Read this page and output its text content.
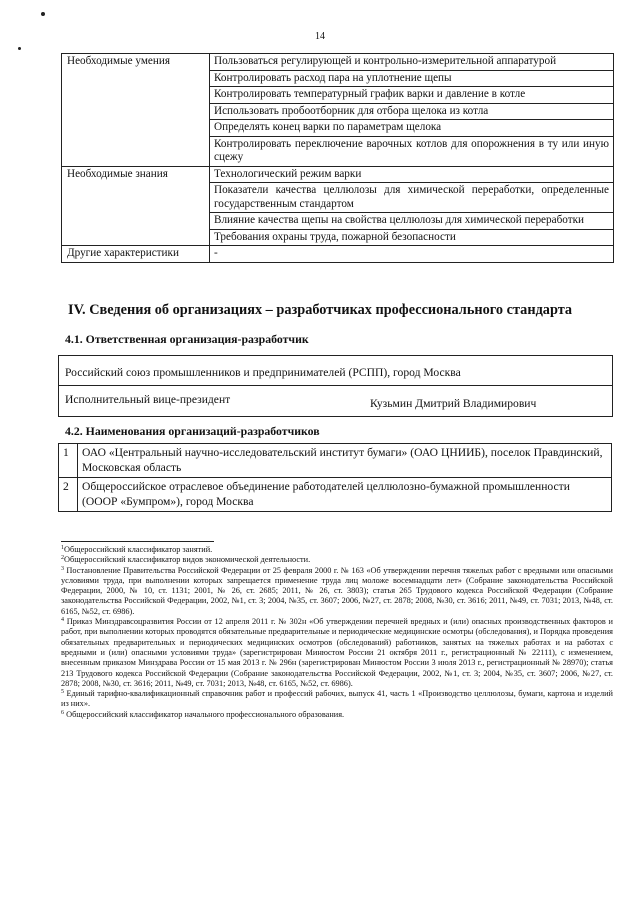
14
Необходимые умения	Пользоваться регулирующей и контрольно-измерительной аппаратурой
	Контролировать расход пара на уплотнение щепы
	Контролировать температурный график варки и давление в котле
	Использовать пробоотборник для отбора щелока из котла
	Определять конец варки по параметрам щелока
	Контролировать переключение варочных котлов для опорожнения в ту или иную сцежу
Необходимые знания	Технологический режим варки
	Показатели качества целлюлозы для химической переработки, определенные государственным стандартом
	Влияние качества щепы на свойства целлюлозы для химической переработки
	Требования охраны труда, пожарной безопасности
Другие характеристики	-
IV. Сведения об организациях – разработчиках профессионального стандарта
4.1. Ответственная организация-разработчик
Российский союз промышленников и предпринимателей (РСПП), город Москва
Исполнительный вице-президент	Кузьмин Дмитрий Владимирович
4.2. Наименования организаций-разработчиков
1	ОАО «Центральный научно-исследовательский институт бумаги» (ОАО ЦНИИБ), поселок Правдинский, Московская область
2	Общероссийское отраслевое объединение работодателей целлюлозно-бумажной промышленности (ОООР «Бумпром»), город Москва

$^1$Общероссийский классификатор занятий.

$^2$Общероссийский классификатор видов экономической деятельности.

$^3$ Постановление Правительства Российской Федерации от 25 февраля 2000 г. № 163 «Об утверждении перечня тяжелых работ с вредными или опасными условиями труда, при выполнении которых запрещается применение труда лиц моложе восемнадцати лет» (Собрание законодательства Российской Федерации, 2000, № 10, ст. 1131; 2001, № 26, ст. 2685; 2011, № 26, ст. 3803); статья 265 Трудового кодекса Российской Федерации (Собрание законодательства Российской Федерации, 2002, №1, ст. 3; 2004, №35, ст. 3607; 2006, №27, ст. 2878; 2008, №30, ст. 3616; 2011, №49, ст. 7031; 2013, №48, ст. 6165, №52, ст. 6986).

$^4$ Приказ Минздравсоцразвития России от 12 апреля 2011 г. № 302н «Об утверждении перечней вредных и (или) опасных производственных факторов и работ, при выполнении которых проводятся обязательные предварительные и периодические медицинские осмотры (обследования), и Порядка проведения обязательных предварительных и периодических медицинских осмотров (обследований) работников, занятых на тяжелых работах и на работах с вредными и (или) опасными условиями труда» (зарегистрирован Минюстом России 21 октября 2011 г., регистрационный № 22111), с изменением, внесенным приказом Минздрава России от 15 мая 2013 г. № 296н (зарегистрирован Минюстом России 3 июля 2013 г., регистрационный № 28970); статья 213 Трудового кодекса Российской Федерации (Собрание законодательства Российской Федерации, 2002, №1, ст. 3; 2004, №35, ст. 3607; 2006, №27, ст. 2878; 2008, №30, ст. 3616; 2011, №49, ст. 7031; 2013, №48, ст. 6165, №52, ст. 6986).

$^5$ Единый тарифно-квалификационный справочник работ и профессий рабочих, выпуск 41, часть 1 «Производство целлюлозы, бумаги, картона и изделий из них».

$^6$ Общероссийский классификатор начального профессионального образования.
